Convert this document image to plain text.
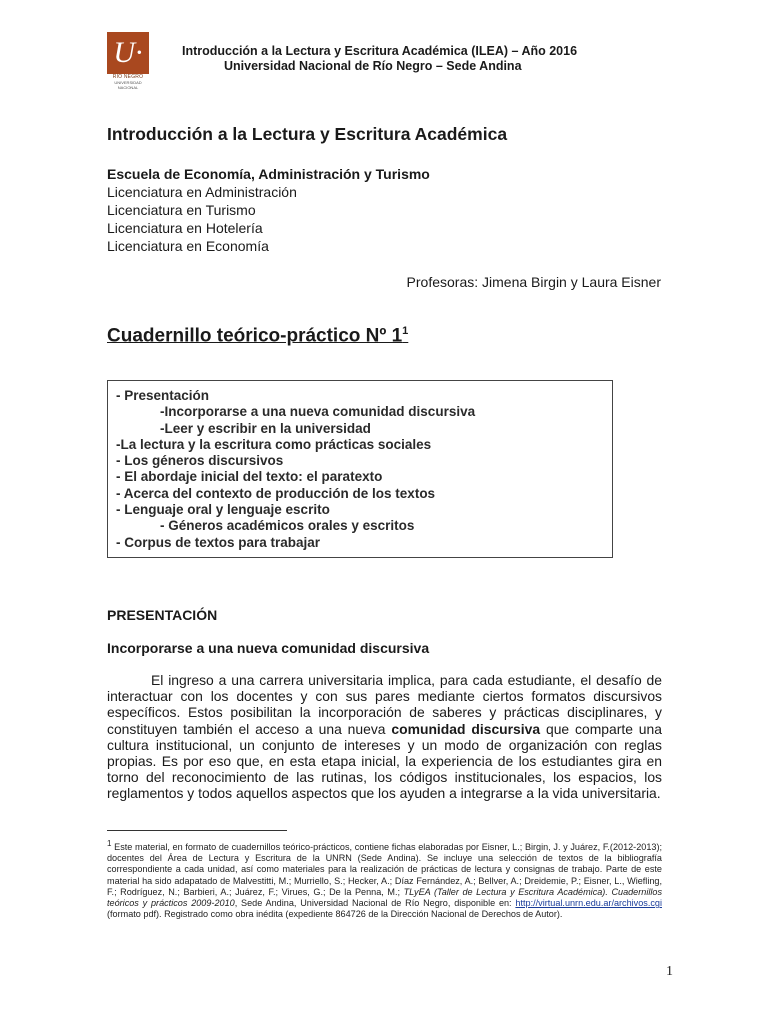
U·
RÍO NEGRO
UNIVERSIDAD
NACIONAL
Introducción a la Lectura y Escritura Académica (ILEA) – Año 2016
Universidad Nacional de Río Negro – Sede Andina
Introducción a la Lectura y Escritura Académica
Escuela de Economía, Administración y Turismo
Licenciatura en Administración
Licenciatura en Turismo
Licenciatura en Hotelería
Licenciatura en Economía
Profesoras: Jimena Birgin y Laura Eisner
Cuadernillo teórico-práctico Nº $1^1$
- Presentación
-Incorporarse a una nueva comunidad discursiva
-Leer y escribir en la universidad
-La lectura y la escritura como prácticas sociales
- Los géneros discursivos
- El abordaje inicial del texto: el paratexto
- Acerca del contexto de producción de los textos
- Lenguaje oral y lenguaje escrito
- Géneros académicos orales y escritos
- Corpus de textos para trabajar
PRESENTACIÓN
Incorporarse a una nueva comunidad discursiva

El ingreso a una carrera universitaria implica, para cada estudiante, el desafío de interactuar con los docentes y con sus pares mediante ciertos formatos discursivos específicos. Estos posibilitan la incorporación de saberes y prácticas disciplinares, y constituyen también el acceso a una nueva comunidad discursiva que comparte una cultura institucional, un conjunto de intereses y un modo de organización con reglas propias. Es por eso que, en esta etapa inicial, la experiencia de los estudiantes gira en torno del reconocimiento de las rutinas, los códigos institucionales, los espacios, los reglamentos y todos aquellos aspectos que los ayuden a integrarse a la vida universitaria.

$^1$ Este material, en formato de cuadernillos teórico-prácticos, contiene fichas elaboradas por Eisner, L.; Birgin, J. y Juárez, F.(2012-2013); docentes del Área de Lectura y Escritura de la UNRN (Sede Andina). Se incluye una selección de textos de la bibliografía correspondiente a cada unidad, así como materiales para la realización de prácticas de lectura y consignas de trabajo. Parte de este material ha sido adapatado de Malvestitti, M.; Murriello, S.; Hecker, A.; Díaz Fernández, A.; Bellver, A.; Dreidemie, P.; Eisner, L., Wiefling, F.; Rodríguez, N.; Barbieri, A.; Juárez, F.; Virues, G.; De la Penna, M.; TLyEA (Taller de Lectura y Escritura Académica). Cuadernillos teóricos y prácticos 2009-2010, Sede Andina, Universidad Nacional de Río Negro, disponible en: http://virtual.unrn.edu.ar/archivos.cgi (formato pdf). Registrado como obra inédita (expediente 864726 de la Dirección Nacional de Derechos de Autor).

1
